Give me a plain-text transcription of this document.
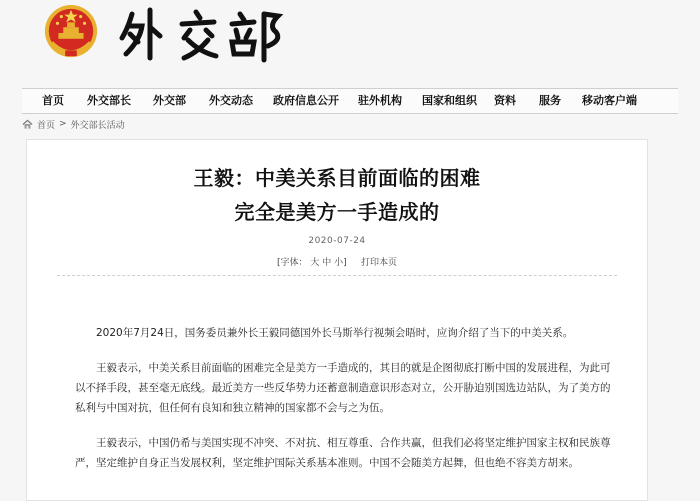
首页 外交部长 外交部 外交动态 政府信息公开 驻外机构 国家和组织 资料 服务 移动客户端
首页 > 外交部长活动
王毅：中美关系目前面临的困难
完全是美方一手造成的
2020-07-24
[字体： 大 中 小] 打印本页

2020年7月24日，国务委员兼外长王毅同德国外长马斯举行视频会晤时，应询介绍了当下的中美关系。

王毅表示，中美关系目前面临的困难完全是美方一手造成的，其目的就是企图彻底打断中国的发展进程，为此可以不择手段，甚至毫无底线。最近美方一些反华势力还蓄意制造意识形态对立，公开胁迫别国选边站队，为了美方的私利与中国对抗，但任何有良知和独立精神的国家都不会与之为伍。

王毅表示，中国仍希与美国实现不冲突、不对抗、相互尊重、合作共赢，但我们必将坚定维护国家主权和民族尊严，坚定维护自身正当发展权利，坚定维护国际关系基本准则。中国不会随美方起舞，但也绝不容美方胡来。
